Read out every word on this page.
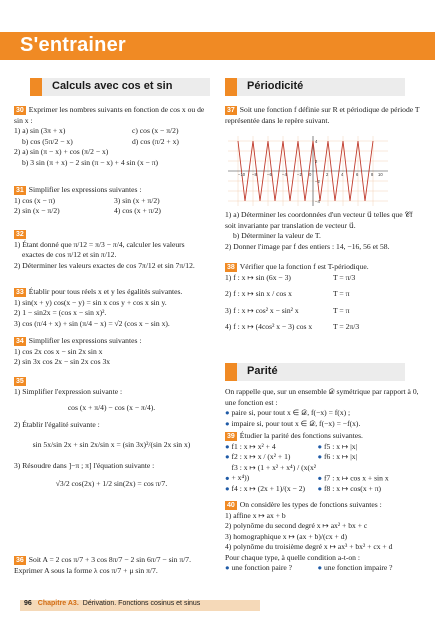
S'entrainer
Calculs avec cos et sin	Périodicité
Parité

30 Exprimer les nombres suivants en fonction de cos x ou de sin x :

1) a) sin (3π + x)	c) cos (x − π/2)

b) cos (5π/2 − x)	d) cos (π/2 + x)

2) a) sin (π − x) + cos (π/2 − x)

b) 3 sin (π + x) − 2 sin (π − x) + 4 sin (x − π)

31 Simplifier les expressions suivantes :

1) cos (x − π)	3) sin (x + π/2)

2) sin (x − π/2)	4) cos (x + π/2)

32

1) Étant donné que π/12 = π/3 − π/4, calculer les valeurs

exactes de cos π/12 et sin π/12.

2) Déterminer les valeurs exactes de cos 7π/12 et sin 7π/12.

33 Établir pour tous réels x et y les égalités suivantes.

1) sin(x + y) cos(x − y) = sin x cos y + cos x sin y.

2) 1 − sin2x = (cos x − sin x)².

3) cos (π/4 + x) + sin (π/4 − x) = √2 (cos x − sin x).

34 Simplifier les expressions suivantes :

1) cos 2x cos x − sin 2x sin x

2) sin 3x cos 2x − sin 2x cos 3x

35

1) Simplifier l'expression suivante :

cos (x + π/4) − cos (x − π/4).

2) Établir l'égalité suivante :

sin 5x/sin 2x + sin 2x/sin x = (sin 3x)²/(sin 2x sin x)

3) Résoudre dans ]−π ; π] l'équation suivante :

√3/2 cos(2x) + 1/2 sin(2x) = cos π/7.

36 Soit A = 2 cos π/7 + 3 cos 8π/7 − 2 sin 6π/7 − sin π/7.

Exprimer A sous la forme λ cos π/7 + μ sin π/7.

37 Soit une fonction f définie sur R et périodique de période T représentée dans le repère suivant.

−10 −8 −6 −4 −2 0	2	4	6	8 10
4
2
−2
−4

1) a) Déterminer les coordonnées d'un vecteur u⃗ telles que 𝒞f soit invariante par translation de vecteur u⃗.

b) Déterminer la valeur de T.

2) Donner l'image par f des entiers : 14, −16, 56 et 58.

38 Vérifier que la fonction f est T-périodique.

1) f : x ↦ sin (6x − 3)	T = π/3

2) f : x ↦ sin x / cos x	T = π

3) f : x ↦ cos² x − sin² x	T = π

4) f : x ↦ (4cos² x − 3) cos x	T = 2π/3

On rappelle que, sur un ensemble 𝒟 symétrique par rapport à 0, une fonction est :

● paire si, pour tout x ∈ 𝒟, f(−x) = f(x) ;

● impaire si, pour tout x ∈ 𝒟, f(−x) = −f(x).

39 Étudier la parité des fonctions suivantes.

● f1 : x ↦ x² + 4	● f5 : x ↦ |x|

● f2 : x ↦ x / (x² + 1)	● f6 : x ↦ |x|

● f3 : x ↦ (1 + x² + x⁴) / (x(x² + x⁴))	● f7 : x ↦ cos x + sin x

● f4 : x ↦ (2x + 1)/(x − 2) ● f8 : x ↦ cos(x + π)

40 On considère les types de fonctions suivantes :

1) affine x ↦ ax + b

2) polynôme du second degré x ↦ ax² + bx + c

3) homographique x ↦ (ax + b)/(cx + d)

4) polynôme du troisième degré x ↦ ax³ + bx² + cx + d

Pour chaque type, à quelle condition a-t-on :

● une fonction paire ?	● une fonction impaire ?

96 Chapitre A3. Dérivation. Fonctions cosinus et sinus
